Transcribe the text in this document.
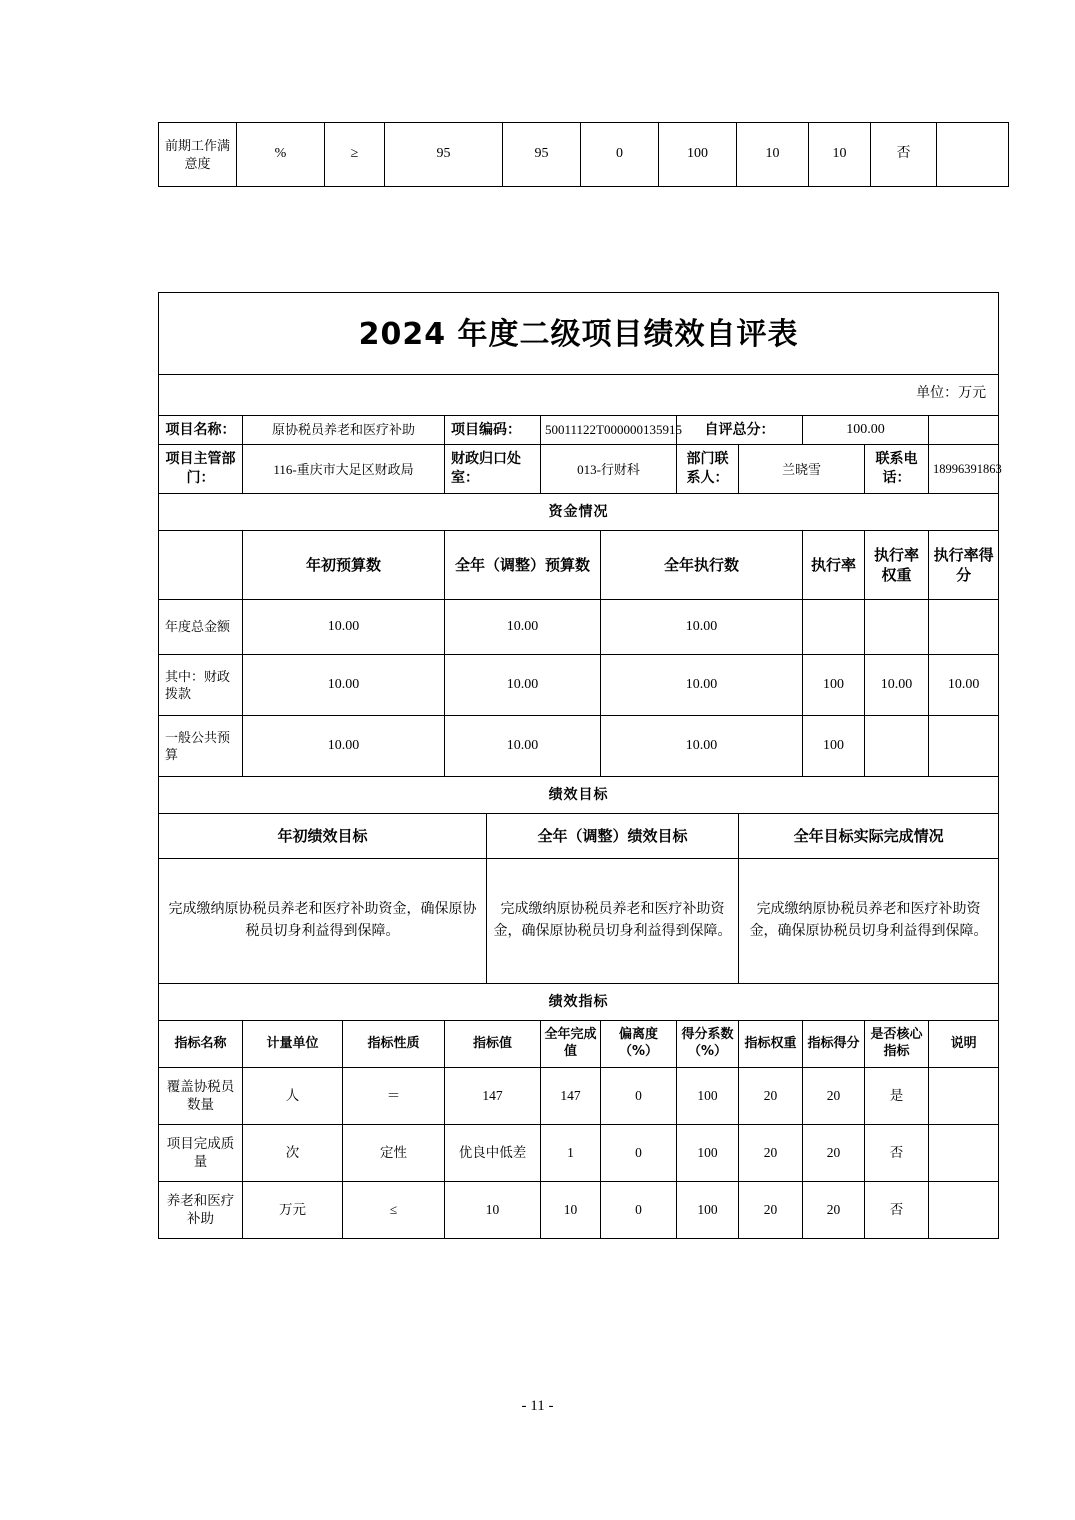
前期工作满意度	%	≥	95	95	0	100	10	10	否	
2024 年度二级项目绩效自评表											
单位：万元											
项目名称：	原协税员养老和医疗补助		项目编码：		50011122T000000135915		自评总分：		100.00		
项目主管部门：	116-重庆市大足区财政局		财政归口处室：		013-行财科		部门联系人：	兰晓雪		联系电话：	18996391863
资金情况											
	年初预算数		全年（调整）预算数			全年执行数			执行率	执行率权重	执行率得分
年度总金额	10.00		10.00			10.00					
其中：财政拨款	10.00		10.00			10.00			100	10.00	10.00
一般公共预算	10.00		10.00			10.00			100		
绩效目标											
年初绩效目标				全年（调整）绩效目标				全年目标实际完成情况			
完成缴纳原协税员养老和医疗补助资金，确保原协税员切身利益得到保障。				完成缴纳原协税员养老和医疗补助资金，确保原协税员切身利益得到保障。				完成缴纳原协税员养老和医疗补助资金，确保原协税员切身利益得到保障。			
绩效指标											
指标名称	计量单位	指标性质	指标值		全年完成值	偏离度（%）	得分系数（%）	指标权重	指标得分	是否核心指标	说明
覆盖协税员数量	人	＝	147		147	0	100	20	20	是	
项目完成质量	次	定性	优良中低差		1	0	100	20	20	否	
养老和医疗补助	万元	≤	10		10	0	100	20	20	否	
- 11 -
